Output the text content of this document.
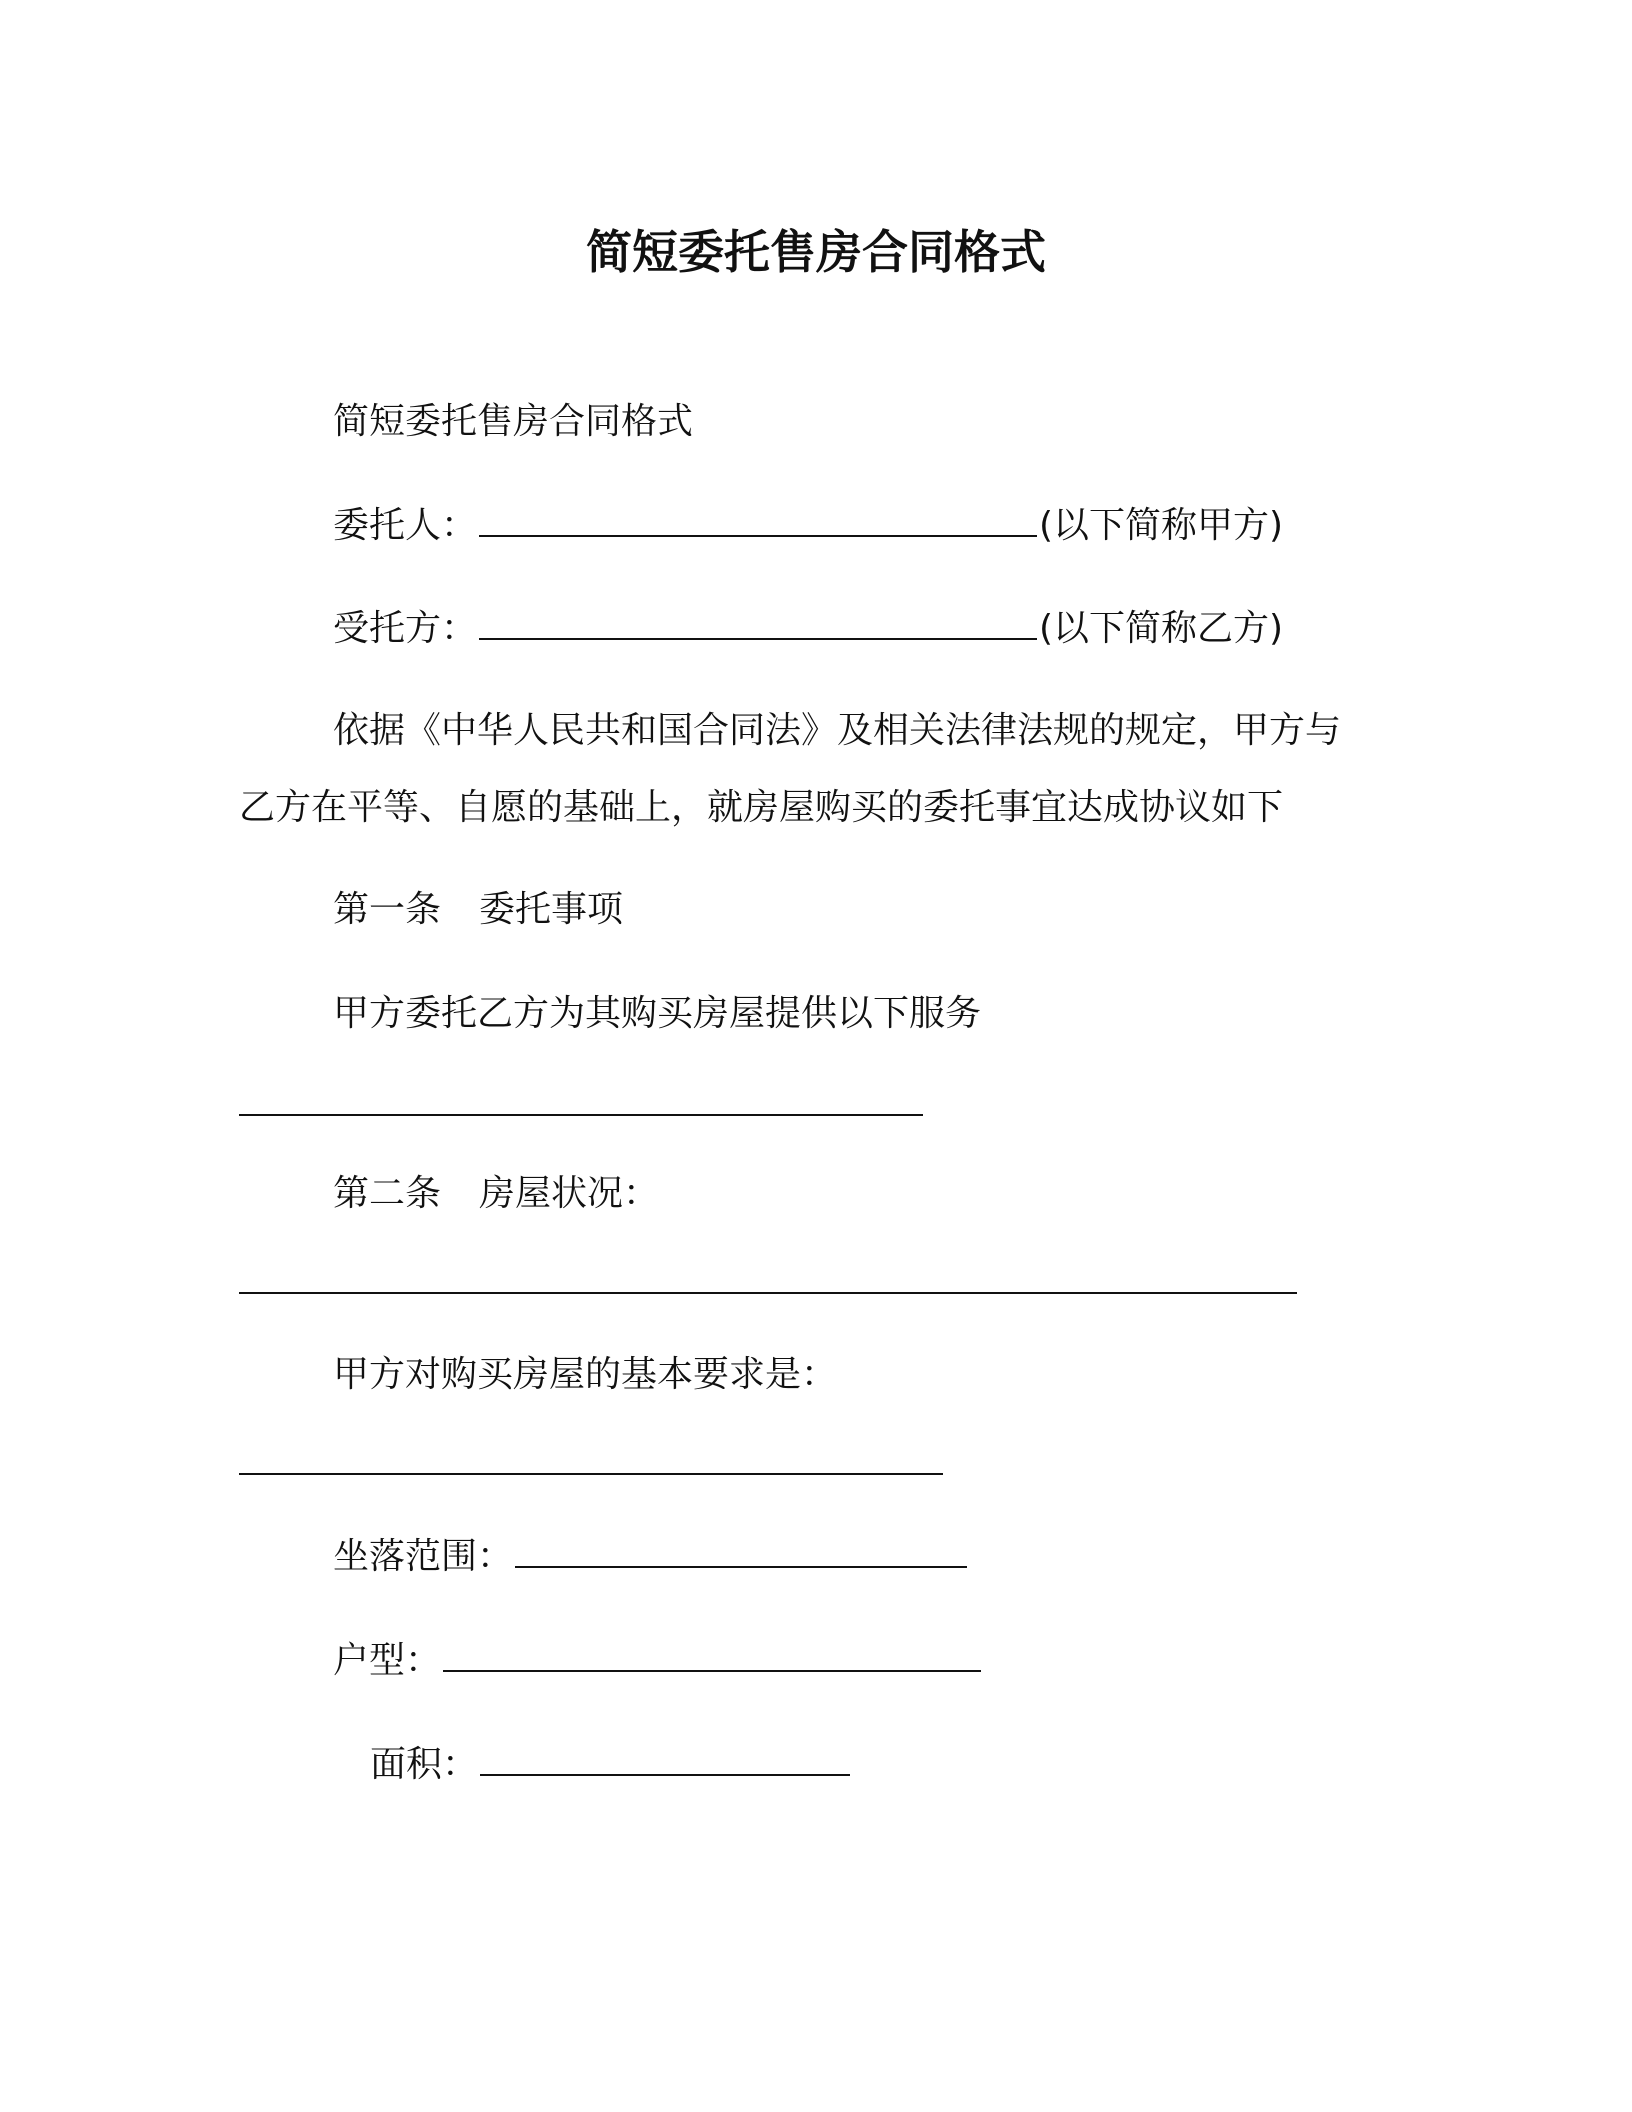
简短委托售房合同格式
简短委托售房合同格式
委托人：	(以下简称甲方)
受托方：	(以下简称乙方)
依据《中华人民共和国合同法》及相关法律法规的规定，甲方与
乙方在平等、自愿的基础上，就房屋购买的委托事宜达成协议如下
第一条 委托事项
甲方委托乙方为其购买房屋提供以下服务
第二条 房屋状况：
甲方对购买房屋的基本要求是：
坐落范围：
户型：
面积：
